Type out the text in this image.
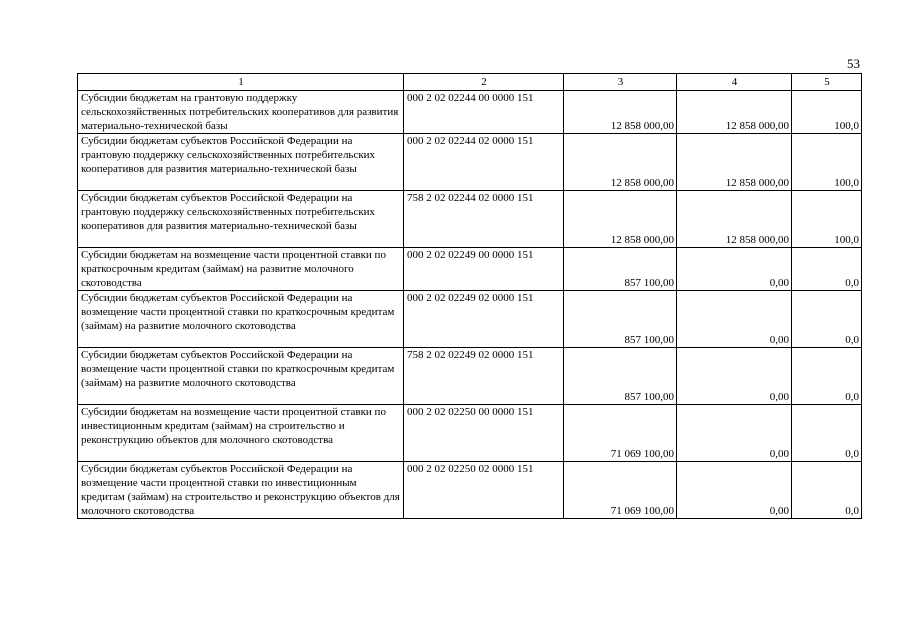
53
1	2	3	4	5
Субсидии бюджетам на грантовую поддержку сельскохозяйственных потребительских кооперативов для развития материально-технической базы	000 2 02 02244 00 0000 151	12 858 000,00	12 858 000,00	100,0
Субсидии бюджетам субъектов Российской Федерации на грантовую поддержку сельскохозяйственных потребительских кооперативов для развития материально-технической базы	000 2 02 02244 02 0000 151	12 858 000,00	12 858 000,00	100,0
Субсидии бюджетам субъектов Российской Федерации на грантовую поддержку сельскохозяйственных потребительских кооперативов для развития материально-технической базы	758 2 02 02244 02 0000 151	12 858 000,00	12 858 000,00	100,0
Субсидии бюджетам на возмещение части процентной ставки по краткосрочным кредитам (займам) на развитие молочного скотоводства	000 2 02 02249 00 0000 151	857 100,00	0,00	0,0
Субсидии бюджетам субъектов Российской Федерации на возмещение части процентной ставки по краткосрочным кредитам (займам) на развитие молочного скотоводства	000 2 02 02249 02 0000 151	857 100,00	0,00	0,0
Субсидии бюджетам субъектов Российской Федерации на возмещение части процентной ставки по краткосрочным кредитам (займам) на развитие молочного скотоводства	758 2 02 02249 02 0000 151	857 100,00	0,00	0,0
Субсидии бюджетам на возмещение части процентной ставки по инвестиционным кредитам (займам) на строительство и реконструкцию объектов для молочного скотоводства	000 2 02 02250 00 0000 151	71 069 100,00	0,00	0,0
Субсидии бюджетам субъектов Российской Федерации на возмещение части процентной ставки по инвестиционным кредитам (займам) на строительство и реконструкцию объектов для молочного скотоводства	000 2 02 02250 02 0000 151	71 069 100,00	0,00	0,0
